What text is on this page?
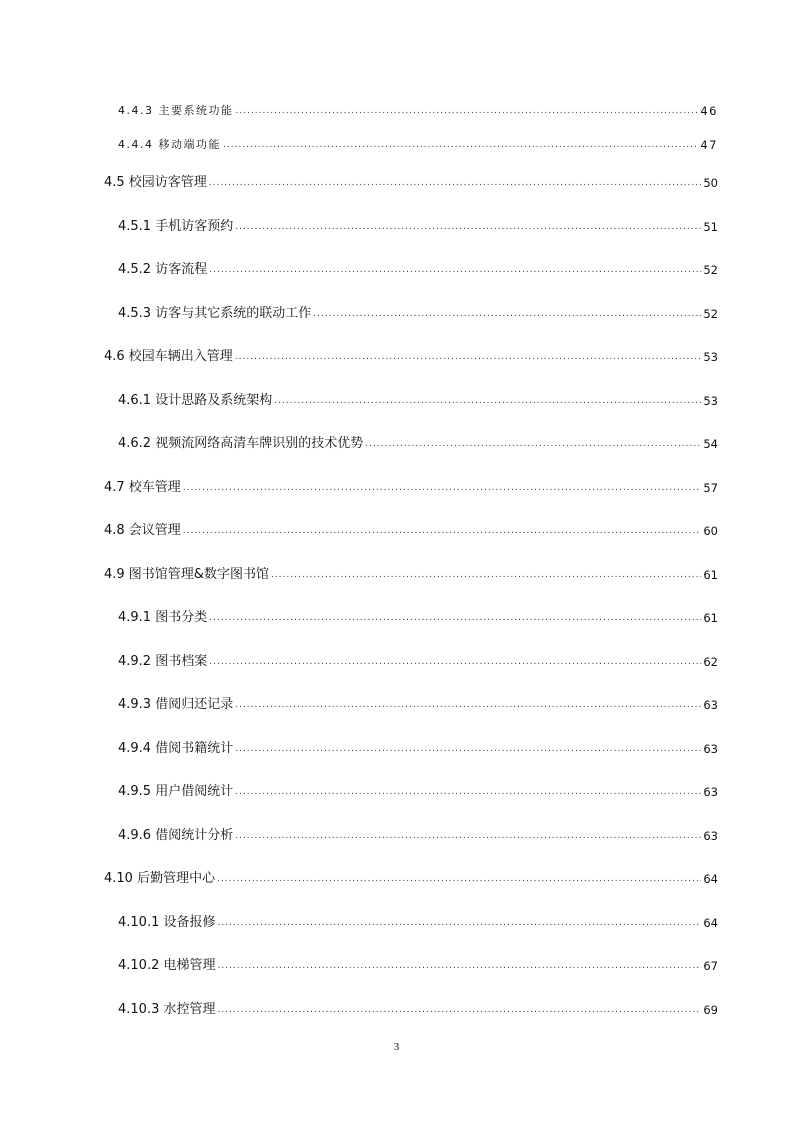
4.4.3 主要系统功能 .....	46
4.4.4 移动端功能 .....	47
4.5 校园访客管理 .....	50
4.5.1 手机访客预约 .....	51
4.5.2 访客流程 .....	52
4.5.3 访客与其它系统的联动工作 .....	52
4.6 校园车辆出入管理 .....	53
4.6.1 设计思路及系统架构 .....	53
4.6.2 视频流网络高清车牌识别的技术优势 .....	54
4.7 校车管理 .....	57
4.8 会议管理 .....	60
4.9 图书馆管理&数字图书馆 .....	61
4.9.1 图书分类 .....	61
4.9.2 图书档案 .....	62
4.9.3 借阅归还记录 .....	63
4.9.4 借阅书籍统计 .....	63
4.9.5 用户借阅统计 .....	63
4.9.6 借阅统计分析 .....	63
4.10 后勤管理中心 .....	64
4.10.1 设备报修 .....	64
4.10.2 电梯管理 .....	67
4.10.3 水控管理 .....	69
3
